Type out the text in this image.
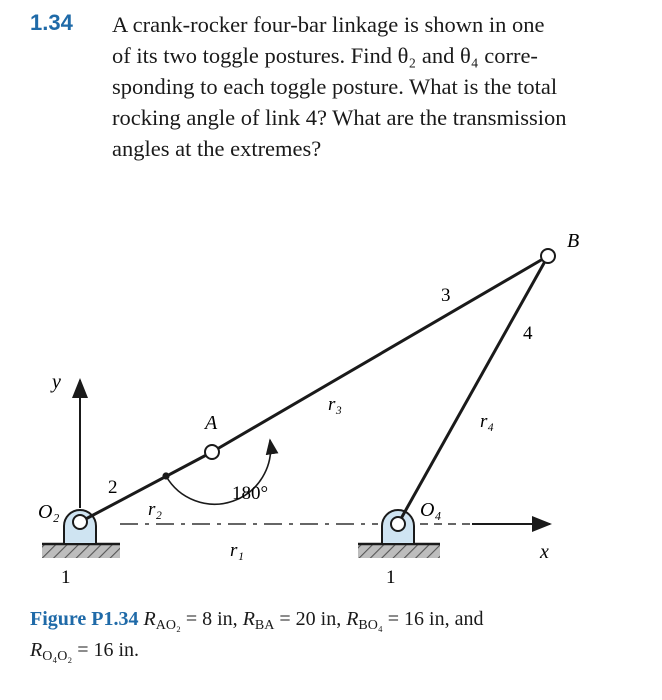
1.34 A crank-rocker four-bar linkage is shown in one
of its two toggle postures. Find θ₂ and θ₄ corre-
sponding to each toggle posture. What is the total
rocking angle of link 4? What are the transmission
angles at the extremes?
y
x
O₂	O₄
A
B
2
3
4
r₁
r₂
r₃
r₄
180°
1	1
Figure P1.34 $R_{AO_2} = 8$ in, $R_{BA} = 20$ in, $R_{BO_4} = 16$ in, and
$R_{O_4O_2} = 16$ in.
